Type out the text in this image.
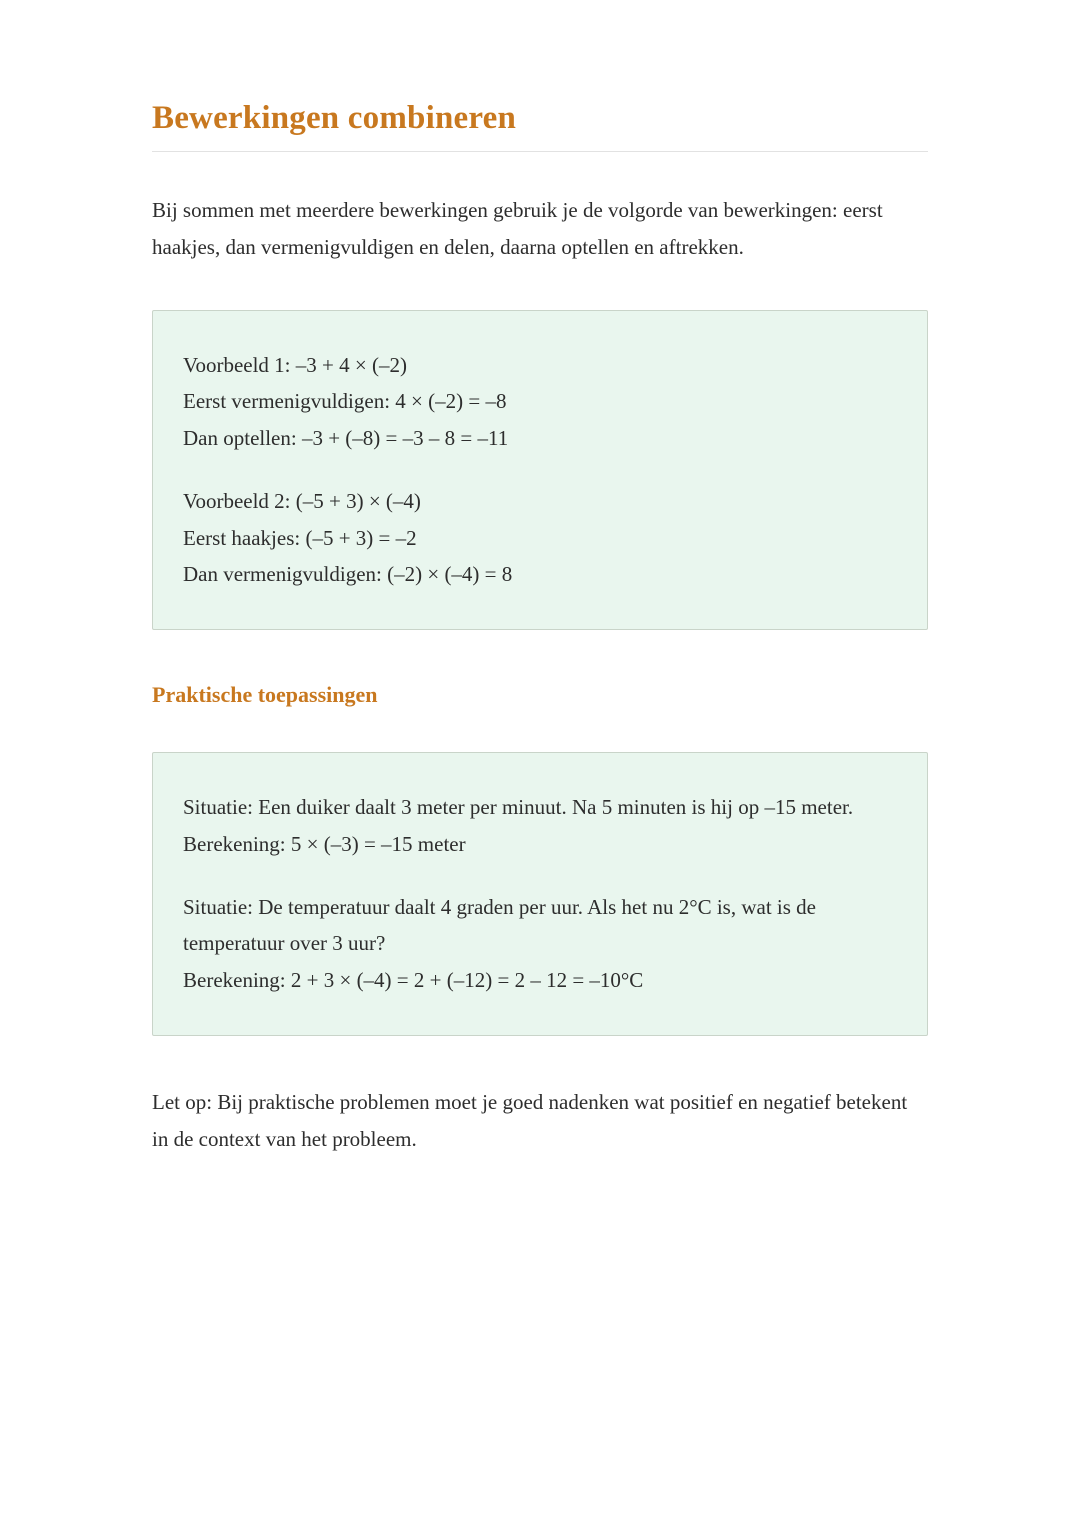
Bewerkingen combineren

Bij sommen met meerdere bewerkingen gebruik je de volgorde van bewerkingen: eerst haakjes, dan vermenigvuldigen en delen, daarna optellen en aftrekken.

Voorbeeld 1: –3 + 4 × (–2)
Eerst vermenigvuldigen: 4 × (–2) = –8
Dan optellen: –3 + (–8) = –3 – 8 = –11

Voorbeeld 2: (–5 + 3) × (–4)
Eerst haakjes: (–5 + 3) = –2
Dan vermenigvuldigen: (–2) × (–4) = 8

Praktische toepassingen

Situatie: Een duiker daalt 3 meter per minuut. Na 5 minuten is hij op –15 meter.
Berekening: 5 × (–3) = –15 meter

Situatie: De temperatuur daalt 4 graden per uur. Als het nu 2°C is, wat is de temperatuur over 3 uur?
Berekening: 2 + 3 × (–4) = 2 + (–12) = 2 – 12 = –10°C

Let op: Bij praktische problemen moet je goed nadenken wat positief en negatief betekent in de context van het probleem.
